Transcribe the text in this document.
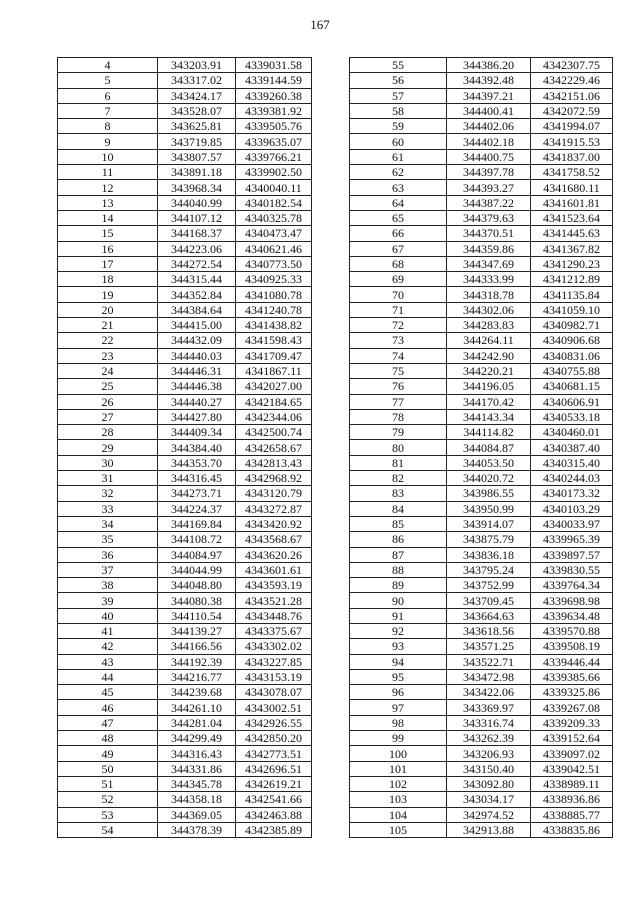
167
4	343203.91	4339031.58
5	343317.02	4339144.59
6	343424.17	4339260.38
7	343528.07	4339381.92
8	343625.81	4339505.76
9	343719.85	4339635.07
10	343807.57	4339766.21
11	343891.18	4339902.50
12	343968.34	4340040.11
13	344040.99	4340182.54
14	344107.12	4340325.78
15	344168.37	4340473.47
16	344223.06	4340621.46
17	344272.54	4340773.50
18	344315.44	4340925.33
19	344352.84	4341080.78
20	344384.64	4341240.78
21	344415.00	4341438.82
22	344432.09	4341598.43
23	344440.03	4341709.47
24	344446.31	4341867.11
25	344446.38	4342027.00
26	344440.27	4342184.65
27	344427.80	4342344.06
28	344409.34	4342500.74
29	344384.40	4342658.67
30	344353.70	4342813.43
31	344316.45	4342968.92
32	344273.71	4343120.79
33	344224.37	4343272.87
34	344169.84	4343420.92
35	344108.72	4343568.67
36	344084.97	4343620.26
37	344044.99	4343601.61
38	344048.80	4343593.19
39	344080.38	4343521.28
40	344110.54	4343448.76
41	344139.27	4343375.67
42	344166.56	4343302.02
43	344192.39	4343227.85
44	344216.77	4343153.19
45	344239.68	4343078.07
46	344261.10	4343002.51
47	344281.04	4342926.55
48	344299.49	4342850.20
49	344316.43	4342773.51
50	344331.86	4342696.51
51	344345.78	4342619.21
52	344358.18	4342541.66
53	344369.05	4342463.88
54	344378.39	4342385.89
55	344386.20	4342307.75
56	344392.48	4342229.46
57	344397.21	4342151.06
58	344400.41	4342072.59
59	344402.06	4341994.07
60	344402.18	4341915.53
61	344400.75	4341837.00
62	344397.78	4341758.52
63	344393.27	4341680.11
64	344387.22	4341601.81
65	344379.63	4341523.64
66	344370.51	4341445.63
67	344359.86	4341367.82
68	344347.69	4341290.23
69	344333.99	4341212.89
70	344318.78	4341135.84
71	344302.06	4341059.10
72	344283.83	4340982.71
73	344264.11	4340906.68
74	344242.90	4340831.06
75	344220.21	4340755.88
76	344196.05	4340681.15
77	344170.42	4340606.91
78	344143.34	4340533.18
79	344114.82	4340460.01
80	344084.87	4340387.40
81	344053.50	4340315.40
82	344020.72	4340244.03
83	343986.55	4340173.32
84	343950.99	4340103.29
85	343914.07	4340033.97
86	343875.79	4339965.39
87	343836.18	4339897.57
88	343795.24	4339830.55
89	343752.99	4339764.34
90	343709.45	4339698.98
91	343664.63	4339634.48
92	343618.56	4339570.88
93	343571.25	4339508.19
94	343522.71	4339446.44
95	343472.98	4339385.66
96	343422.06	4339325.86
97	343369.97	4339267.08
98	343316.74	4339209.33
99	343262.39	4339152.64
100	343206.93	4339097.02
101	343150.40	4339042.51
102	343092.80	4338989.11
103	343034.17	4338936.86
104	342974.52	4338885.77
105	342913.88	4338835.86
